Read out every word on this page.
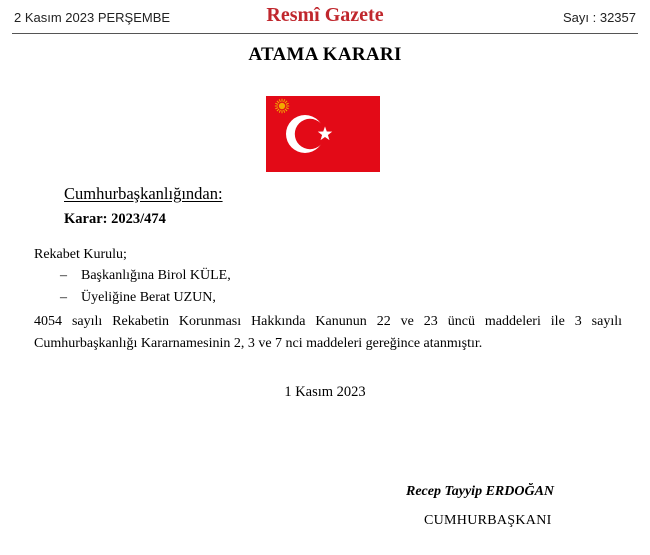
2 Kasım 2023 PERŞEMBE	Resmî Gazete	Sayı : 32357
ATAMA KARARI
Cumhurbaşkanlığından:
Karar: 2023/474
Rekabet Kurulu;
– Başkanlığına Birol KÜLE,
– Üyeliğine Berat UZUN,
4054 sayılı Rekabetin Korunması Hakkında Kanunun 22 ve 23 üncü maddeleri ile 3 sayılı
Cumhurbaşkanlığı Kararnamesinin 2, 3 ve 7 nci maddeleri gereğince atanmıştır.
1 Kasım 2023
Recep Tayyip ERDOĞAN
CUMHURBAŞKANI
